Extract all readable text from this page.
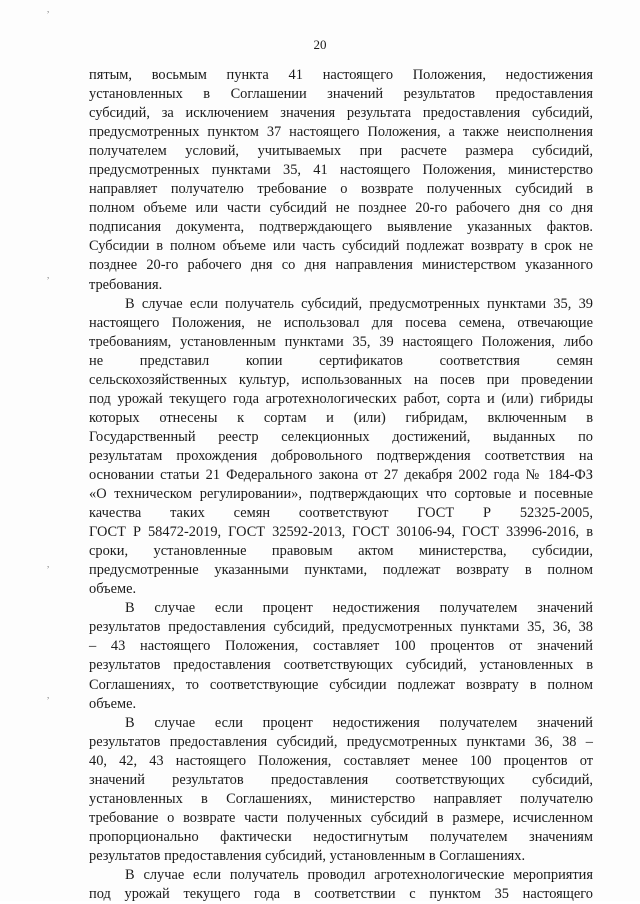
20
,
,
,
,
пятым, восьмым пункта 41 настоящего Положения, недостижения
установленных в Соглашении значений результатов предоставления
субсидий, за исключением значения результата предоставления субсидий,
предусмотренных пунктом 37 настоящего Положения, а также неисполнения
получателем условий, учитываемых при расчете размера субсидий,
предусмотренных пунктами 35, 41 настоящего Положения, министерство
направляет получателю требование о возврате полученных субсидий в
полном объеме или части субсидий не позднее 20-го рабочего дня со дня
подписания документа, подтверждающего выявление указанных фактов.
Субсидии в полном объеме или часть субсидий подлежат возврату в срок не
позднее 20-го рабочего дня со дня направления министерством указанного
требования.
В случае если получатель субсидий, предусмотренных пунктами 35, 39
настоящего Положения, не использовал для посева семена, отвечающие
требованиям, установленным пунктами 35, 39 настоящего Положения, либо
не представил копии сертификатов соответствия семян
сельскохозяйственных культур, использованных на посев при проведении
под урожай текущего года агротехнологических работ, сорта и (или) гибриды
которых отнесены к сортам и (или) гибридам, включенным в
Государственный реестр селекционных достижений, выданных по
результатам прохождения добровольного подтверждения соответствия на
основании статьи 21 Федерального закона от 27 декабря 2002 года № 184-ФЗ
«О техническом регулировании», подтверждающих что сортовые и посевные
качества таких семян соответствуют ГОСТ Р 52325-2005,
ГОСТ Р 58472-2019, ГОСТ 32592-2013, ГОСТ 30106-94, ГОСТ 33996-2016, в
сроки, установленные правовым актом министерства, субсидии,
предусмотренные указанными пунктами, подлежат возврату в полном
объеме.
В случае если процент недостижения получателем значений
результатов предоставления субсидий, предусмотренных пунктами 35, 36, 38
– 43 настоящего Положения, составляет 100 процентов от значений
результатов предоставления соответствующих субсидий, установленных в
Соглашениях, то соответствующие субсидии подлежат возврату в полном
объеме.
В случае если процент недостижения получателем значений
результатов предоставления субсидий, предусмотренных пунктами 36, 38 –
40, 42, 43 настоящего Положения, составляет менее 100 процентов от
значений результатов предоставления соответствующих субсидий,
установленных в Соглашениях, министерство направляет получателю
требование о возврате части полученных субсидий в размере, исчисленном
пропорционально фактически недостигнутым получателем значениям
результатов предоставления субсидий, установленным в Соглашениях.
В случае если получатель проводил агротехнологические мероприятия
под урожай текущего года в соответствии с пунктом 35 настоящего
